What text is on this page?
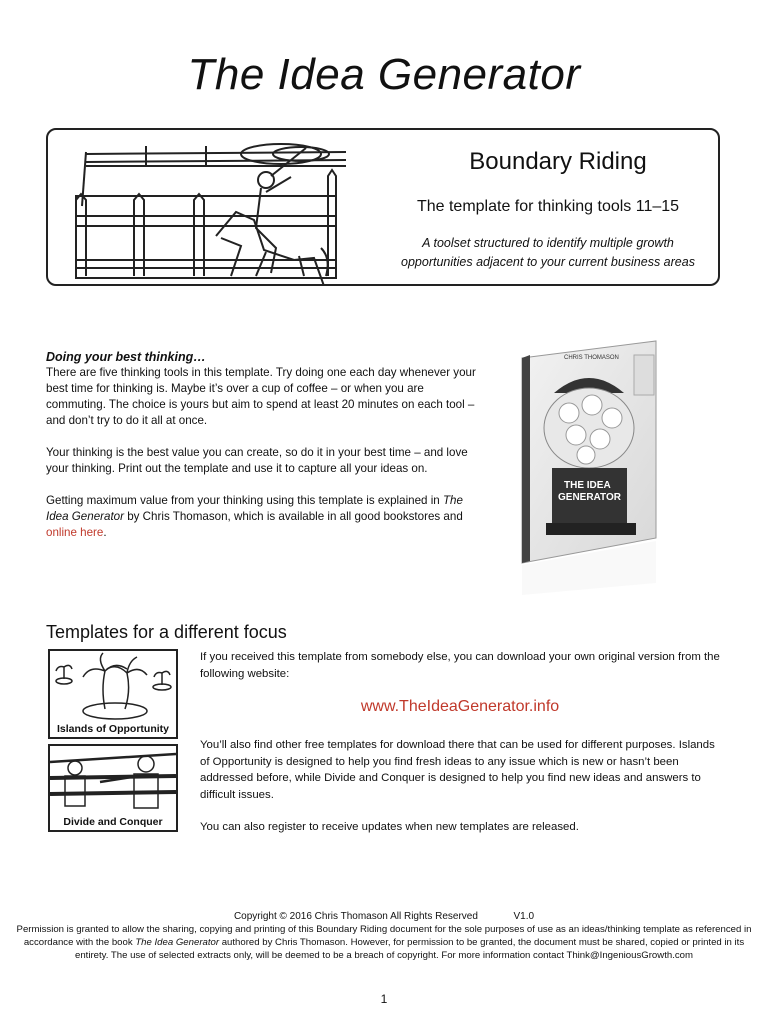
The Idea Generator
Boundary Riding
The template for thinking tools 11–15
A toolset structured to identify multiple growth
opportunities adjacent to your current business areas
Doing your best thinking…

There are five thinking tools in this template. Try doing one each day whenever your best time for thinking is. Maybe it’s over a cup of coffee – or when you are commuting. The choice is yours but aim to spend at least 20 minutes on each tool – and don’t try to do it all at once.

Your thinking is the best value you can create, so do it in your best time – and love your thinking. Print out the template and use it to capture all your ideas on.

Getting maximum value from your thinking using this template is explained in The Idea Generator by Chris Thomason, which is available in all good bookstores and online here.

CHRIS THOMASON
THE IDEA
GENERATOR
Templates for a different focus
Islands of Opportunity
Divide and Conquer

If you received this template from somebody else, you can download your own original version from the following website:

www.TheIdeaGenerator.info

You’ll also find other free templates for download there that can be used for different purposes. Islands of Opportunity is designed to help you find fresh ideas to any issue which is new or hasn’t been addressed before, while Divide and Conquer is designed to help you find new ideas and answers to difficult issues.

You can also register to receive updates when new templates are released.

Copyright © 2016 Chris Thomason All Rights Reserved	V1.0
Permission is granted to allow the sharing, copying and printing of this Boundary Riding document for the sole purposes of use as an ideas/thinking template as referenced in accordance with the book The Idea Generator authored by Chris Thomason. However, for permission to be granted, the document must be shared, copied or printed in its entirety. The use of selected extracts only, will be deemed to be a breach of copyright. For more information contact Think@IngeniousGrowth.com
1
